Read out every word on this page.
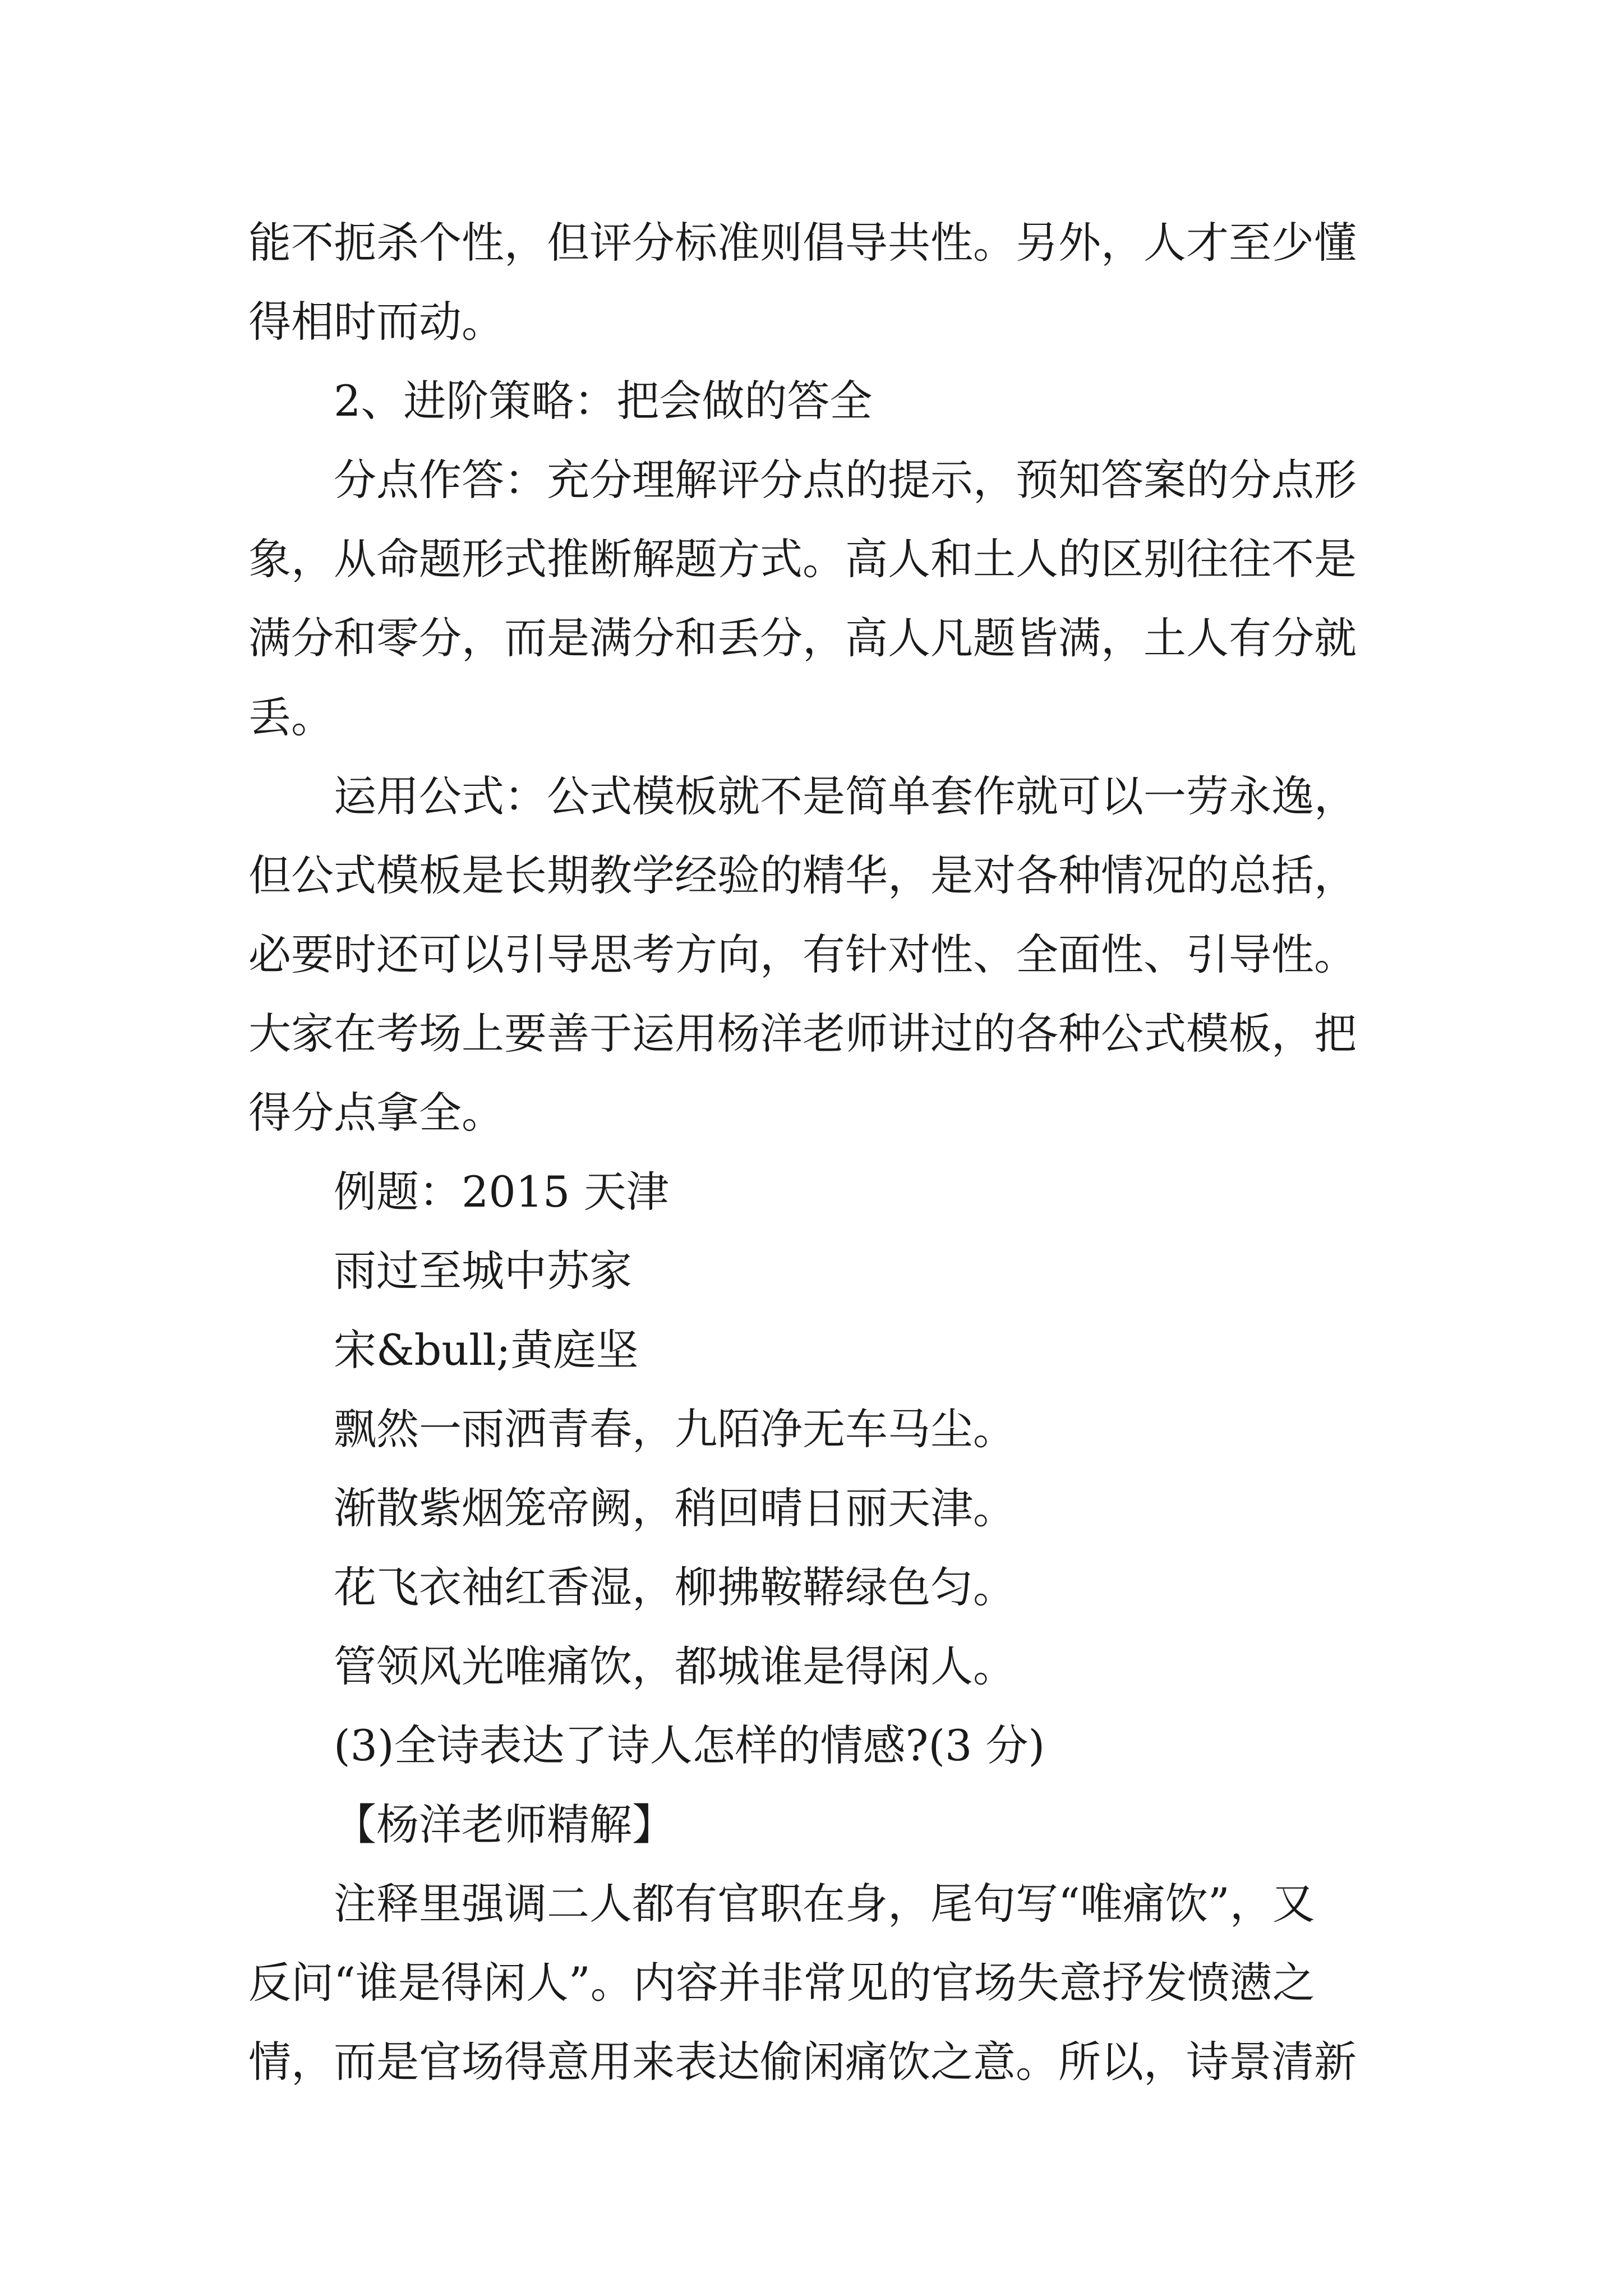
能不扼杀个性，但评分标准则倡导共性。另外，人才至少懂
得相时而动。
2、进阶策略：把会做的答全
分点作答：充分理解评分点的提示，预知答案的分点形
象，从命题形式推断解题方式。高人和土人的区别往往不是
满分和零分，而是满分和丢分，高人凡题皆满，土人有分就
丢。
运用公式：公式模板就不是简单套作就可以一劳永逸，
但公式模板是长期教学经验的精华，是对各种情况的总括，
必要时还可以引导思考方向，有针对性、全面性、引导性。
大家在考场上要善于运用杨洋老师讲过的各种公式模板，把
得分点拿全。
例题：2015 天津
雨过至城中苏家
宋&bull;黄庭坚
飘然一雨洒青春，九陌净无车马尘。
渐散紫烟笼帝阙，稍回晴日丽天津。
花飞衣袖红香湿，柳拂鞍鞯绿色匀。
管领风光唯痛饮，都城谁是得闲人。
(3)全诗表达了诗人怎样的情感?(3 分)
【杨洋老师精解】
注释里强调二人都有官职在身，尾句写“唯痛饮”，又
反问“谁是得闲人”。内容并非常见的官场失意抒发愤懑之
情，而是官场得意用来表达偷闲痛饮之意。所以，诗景清新
